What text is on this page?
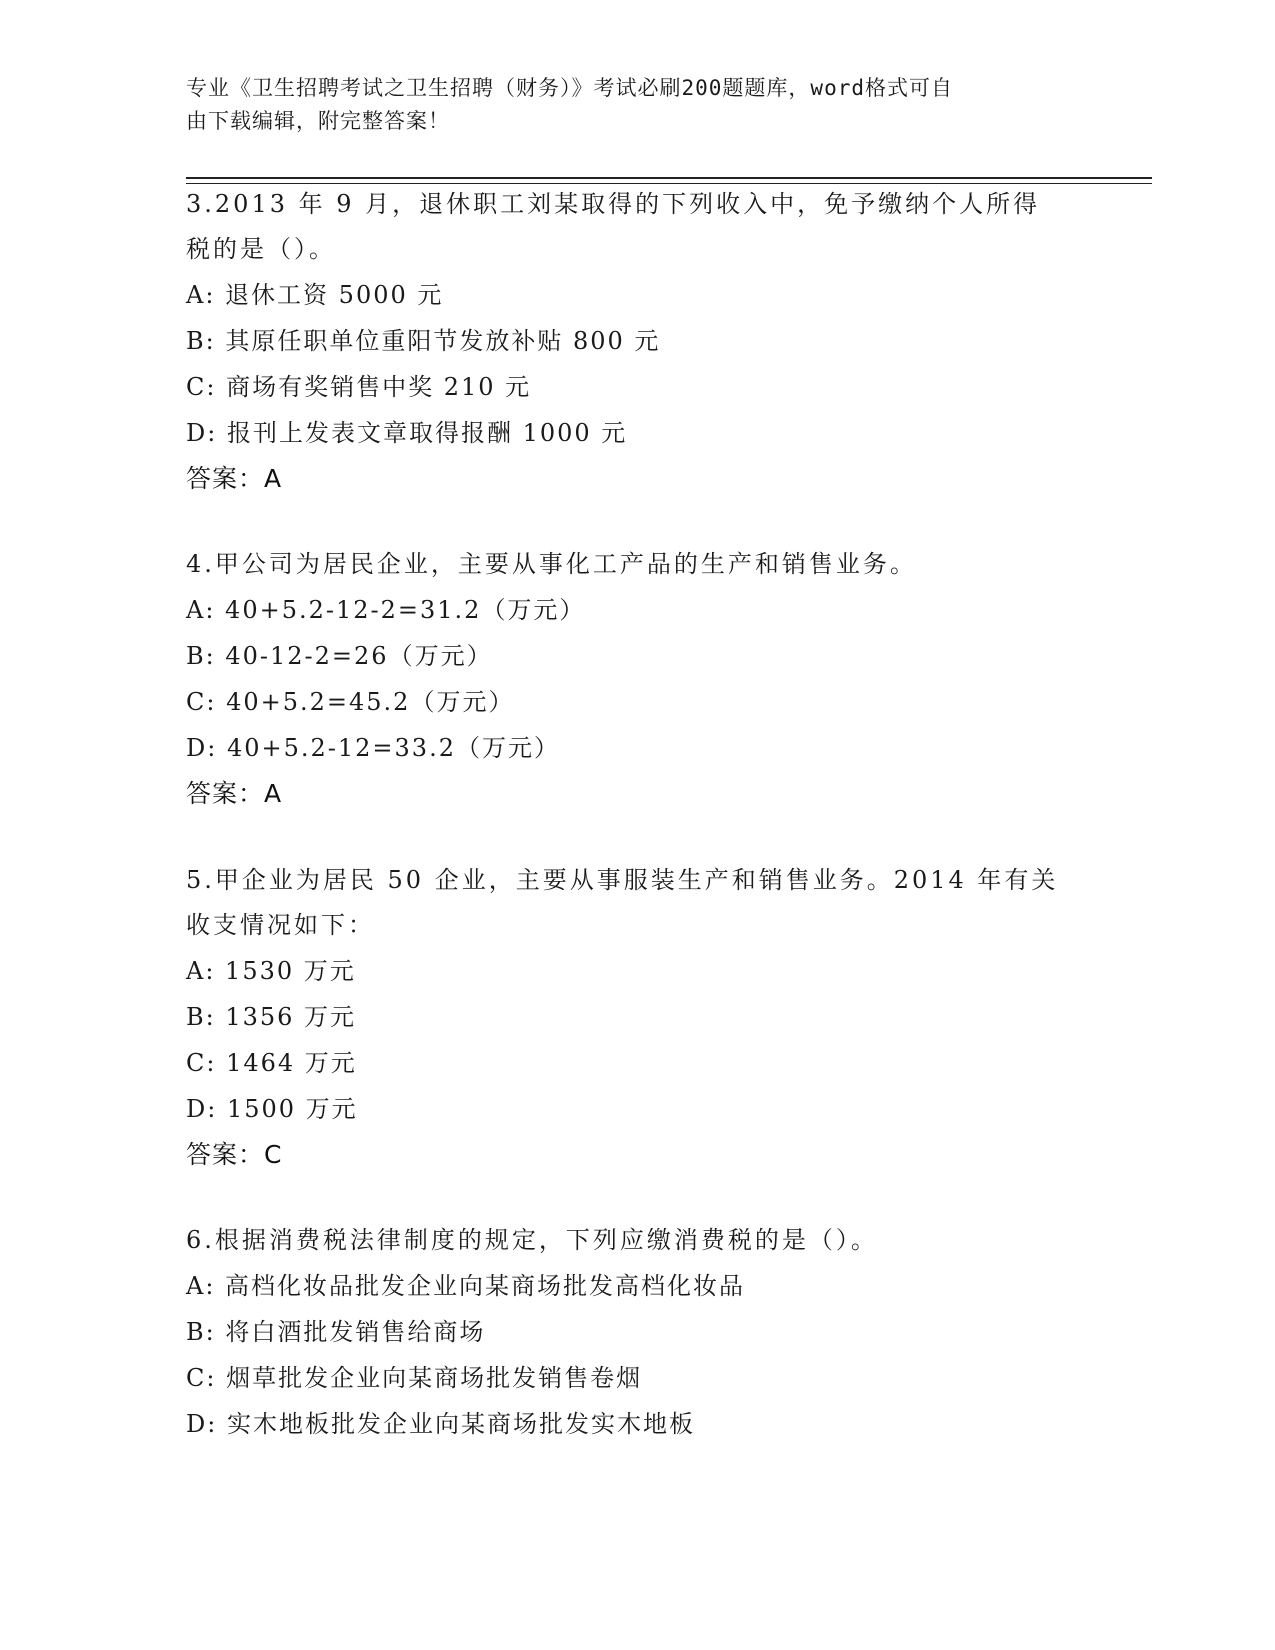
专业《卫生招聘考试之卫生招聘（财务）》考试必刷200题题库，word格式可自
由下载编辑，附完整答案！

3.2013 年 9 月，退休职工刘某取得的下列收入中，免予缴纳个人所得

税的是（）。

A: 退休工资 5000 元

B: 其原任职单位重阳节发放补贴 800 元

C: 商场有奖销售中奖 210 元

D: 报刊上发表文章取得报酬 1000 元

答案：A

4.甲公司为居民企业，主要从事化工产品的生产和销售业务。

A: 40+5.2-12-2=31.2（万元）

B: 40-12-2=26（万元）

C: 40+5.2=45.2（万元）

D: 40+5.2-12=33.2（万元）

答案：A

5.甲企业为居民 50 企业，主要从事服装生产和销售业务。2014 年有关

收支情况如下：

A: 1530 万元

B: 1356 万元

C: 1464 万元

D: 1500 万元

答案：C

6.根据消费税法律制度的规定，下列应缴消费税的是（）。

A: 高档化妆品批发企业向某商场批发高档化妆品

B: 将白酒批发销售给商场

C: 烟草批发企业向某商场批发销售卷烟

D: 实木地板批发企业向某商场批发实木地板
